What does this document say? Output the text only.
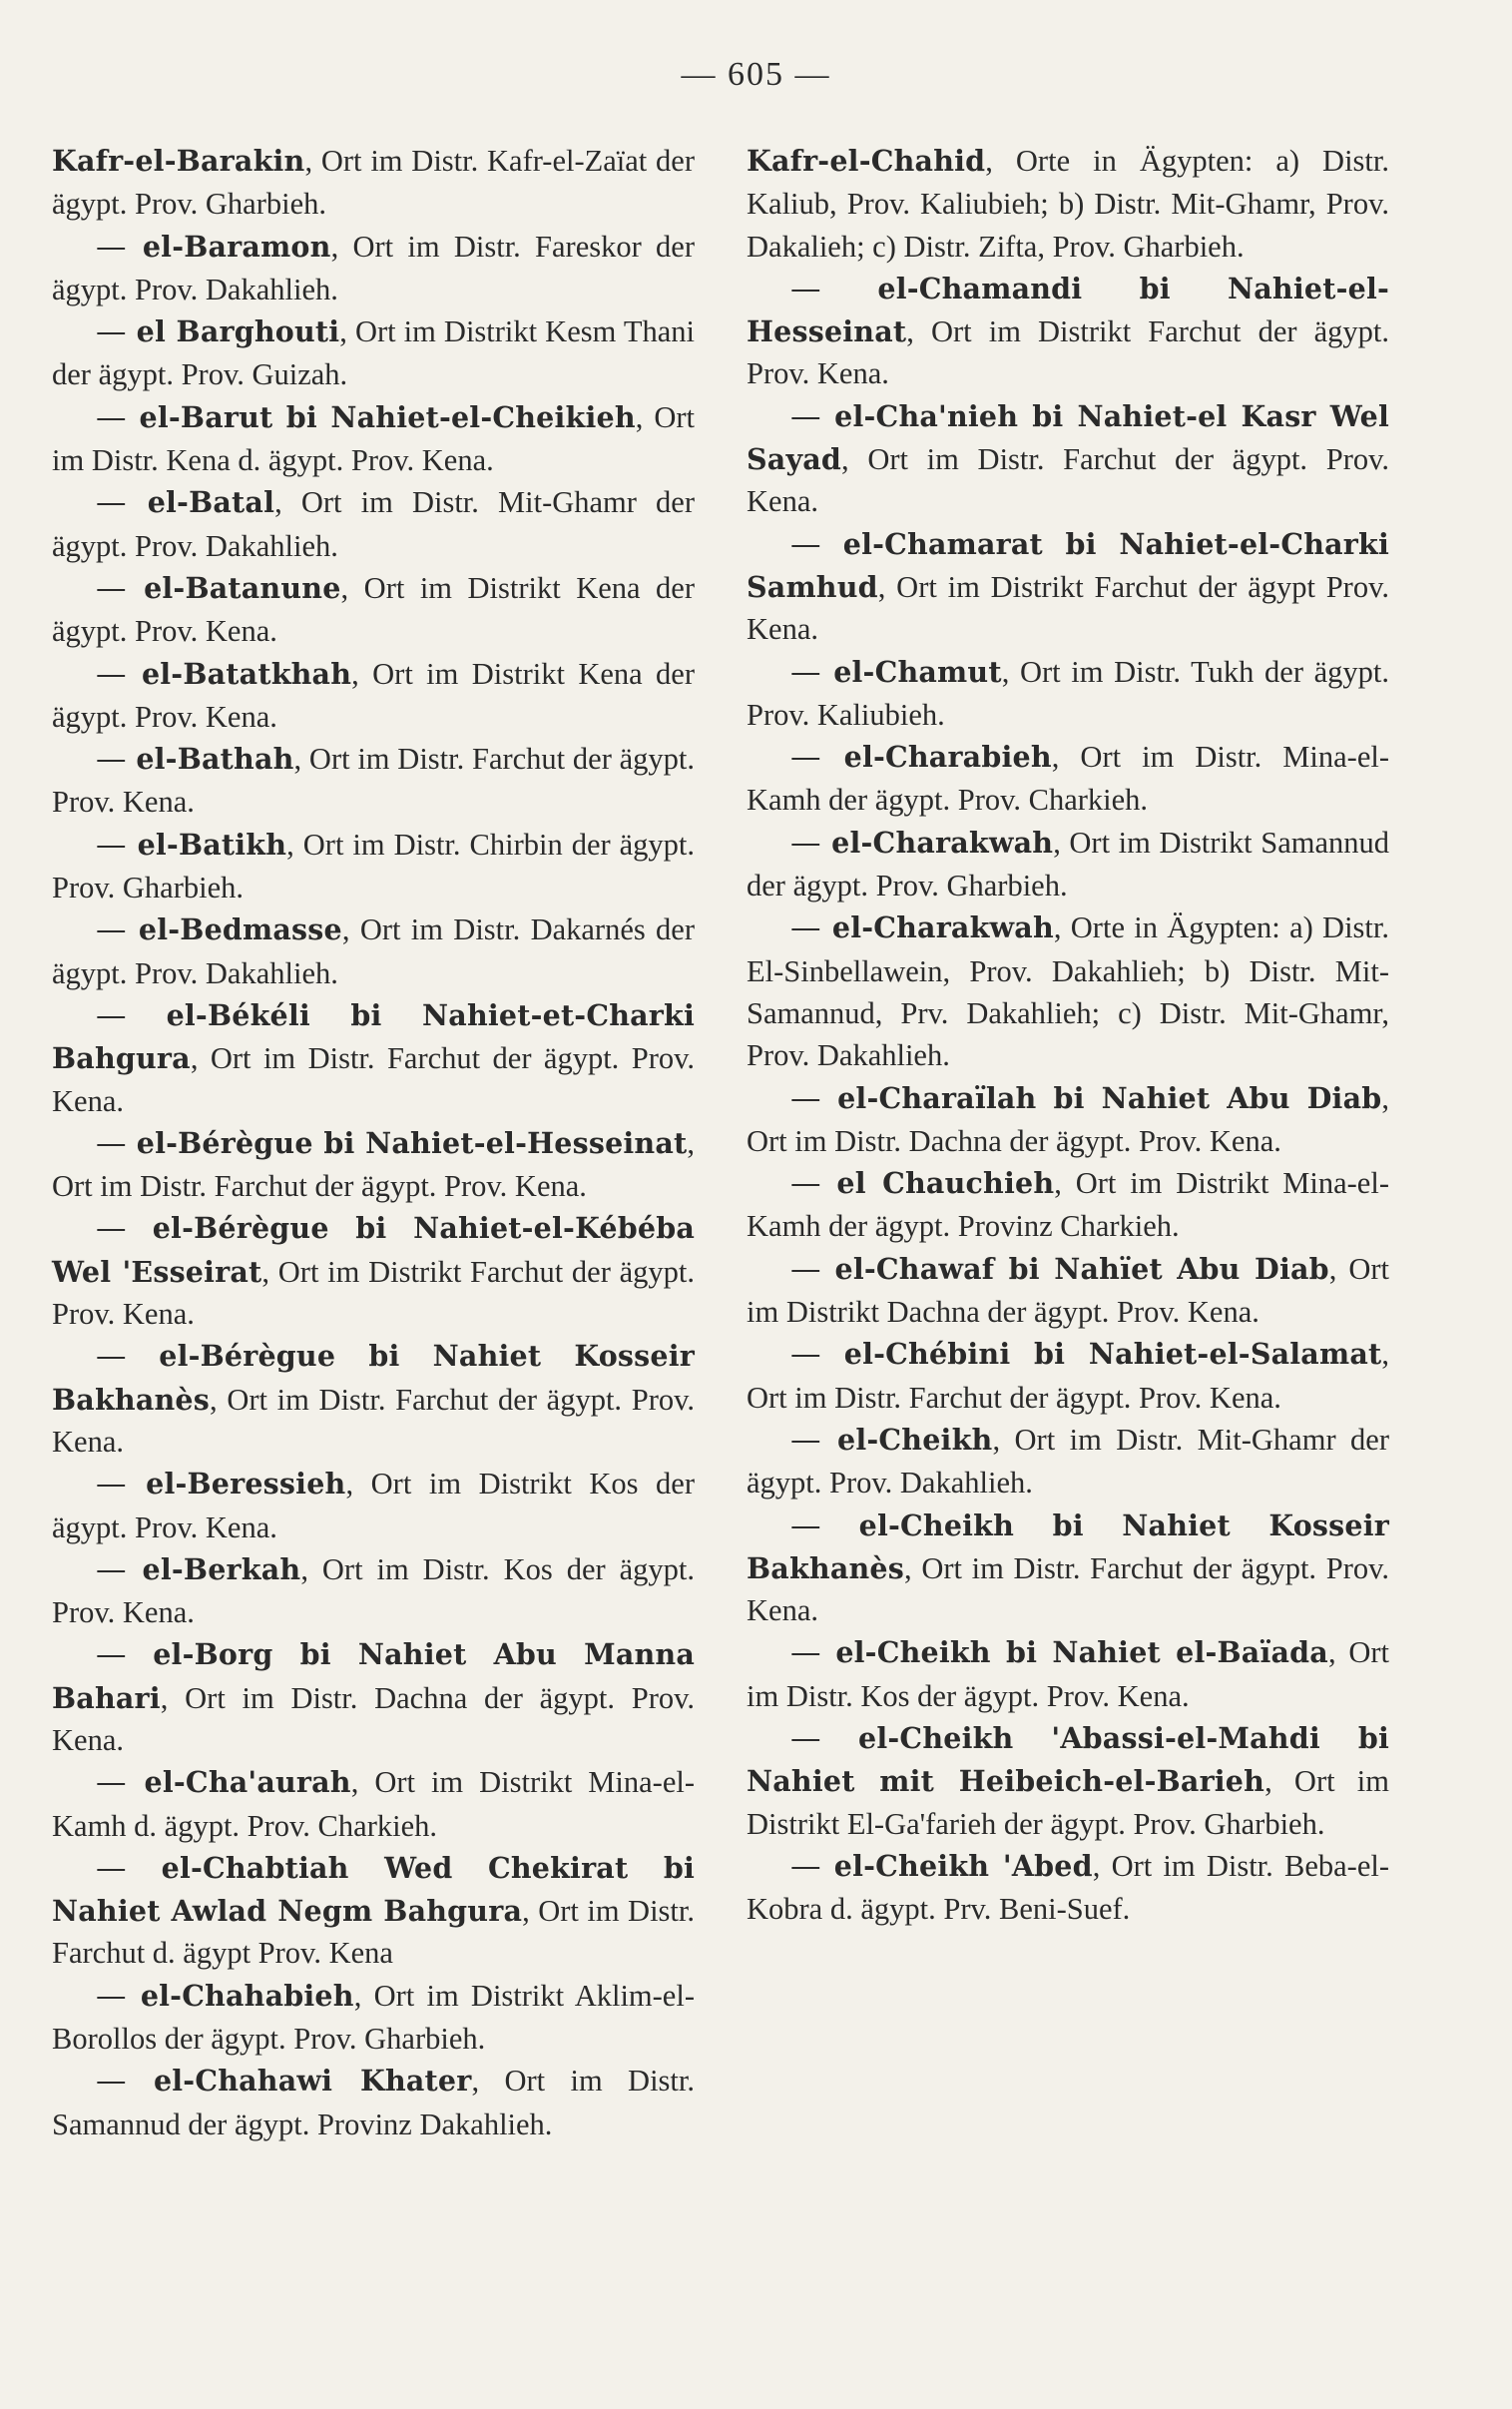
— 605 —

Kafr-el-Barakin, Ort im Distr. Kafr-el-Zaïat der ägypt. Prov. Gharbieh.

— el-Baramon, Ort im Distr. Fareskor der ägypt. Prov. Dakahlieh.

— el Barghouti, Ort im Distrikt Kesm Thani der ägypt. Prov. Guizah.

— el-Barut bi Nahiet-el-Cheikieh, Ort im Distr. Kena d. ägypt. Prov. Kena.

— el-Batal, Ort im Distr. Mit-Ghamr der ägypt. Prov. Dakahlieh.

— el-Batanune, Ort im Distrikt Kena der ägypt. Prov. Kena.

— el-Batatkhah, Ort im Distrikt Kena der ägypt. Prov. Kena.

— el-Bathah, Ort im Distr. Farchut der ägypt. Prov. Kena.

— el-Batikh, Ort im Distr. Chirbin der ägypt. Prov. Gharbieh.

— el-Bedmasse, Ort im Distr. Dakarnés der ägypt. Prov. Dakahlieh.

— el-Békéli bi Nahiet-et-Charki Bahgura, Ort im Distr. Farchut der ägypt. Prov. Kena.

— el-Bérègue bi Nahiet-el-Hesseinat, Ort im Distr. Farchut der ägypt. Prov. Kena.

— el-Bérègue bi Nahiet-el-Kébéba Wel 'Esseirat, Ort im Distrikt Farchut der ägypt. Prov. Kena.

— el-Bérègue bi Nahiet Kosseir Bakhanès, Ort im Distr. Farchut der ägypt. Prov. Kena.

— el-Beressieh, Ort im Distrikt Kos der ägypt. Prov. Kena.

— el-Berkah, Ort im Distr. Kos der ägypt. Prov. Kena.

— el-Borg bi Nahiet Abu Manna Bahari, Ort im Distr. Dachna der ägypt. Prov. Kena.

— el-Cha'aurah, Ort im Distrikt Mina-el-Kamh d. ägypt. Prov. Charkieh.

— el-Chabtiah Wed Chekirat bi Nahiet Awlad Negm Bahgura, Ort im Distr. Farchut d. ägypt Prov. Kena

— el-Chahabieh, Ort im Distrikt Aklim-el-Borollos der ägypt. Prov. Gharbieh.

— el-Chahawi Khater, Ort im Distr. Samannud der ägypt. Provinz Dakahlieh.

Kafr-el-Chahid, Orte in Ägypten: a) Distr. Kaliub, Prov. Kaliubieh; b) Distr. Mit-Ghamr, Prov. Dakalieh; c) Distr. Zifta, Prov. Gharbieh.

— el-Chamandi bi Nahiet-el-Hesseinat, Ort im Distrikt Farchut der ägypt. Prov. Kena.

— el-Cha'nieh bi Nahiet-el Kasr Wel Sayad, Ort im Distr. Farchut der ägypt. Prov. Kena.

— el-Chamarat bi Nahiet-el-Charki Samhud, Ort im Distrikt Farchut der ägypt Prov. Kena.

— el-Chamut, Ort im Distr. Tukh der ägypt. Prov. Kaliubieh.

— el-Charabieh, Ort im Distr. Mina-el-Kamh der ägypt. Prov. Charkieh.

— el-Charakwah, Ort im Distrikt Samannud der ägypt. Prov. Gharbieh.

— el-Charakwah, Orte in Ägypten: a) Distr. El-Sinbellawein, Prov. Dakahlieh; b) Distr. Mit-Samannud, Prv. Dakahlieh; c) Distr. Mit-Ghamr, Prov. Dakahlieh.

— el-Charaïlah bi Nahiet Abu Diab, Ort im Distr. Dachna der ägypt. Prov. Kena.

— el Chauchieh, Ort im Distrikt Mina-el-Kamh der ägypt. Provinz Charkieh.

— el-Chawaf bi Nahïet Abu Diab, Ort im Distrikt Dachna der ägypt. Prov. Kena.

— el-Chébini bi Nahiet-el-Salamat, Ort im Distr. Farchut der ägypt. Prov. Kena.

— el-Cheikh, Ort im Distr. Mit-Ghamr der ägypt. Prov. Dakahlieh.

— el-Cheikh bi Nahiet Kosseir Bakhanès, Ort im Distr. Farchut der ägypt. Prov. Kena.

— el-Cheikh bi Nahiet el-Baïada, Ort im Distr. Kos der ägypt. Prov. Kena.

— el-Cheikh 'Abassi-el-Mahdi bi Nahiet mit Heibeich-el-Barieh, Ort im Distrikt El-Ga'farieh der ägypt. Prov. Gharbieh.

— el-Cheikh 'Abed, Ort im Distr. Beba-el-Kobra d. ägypt. Prv. Beni-Suef.
